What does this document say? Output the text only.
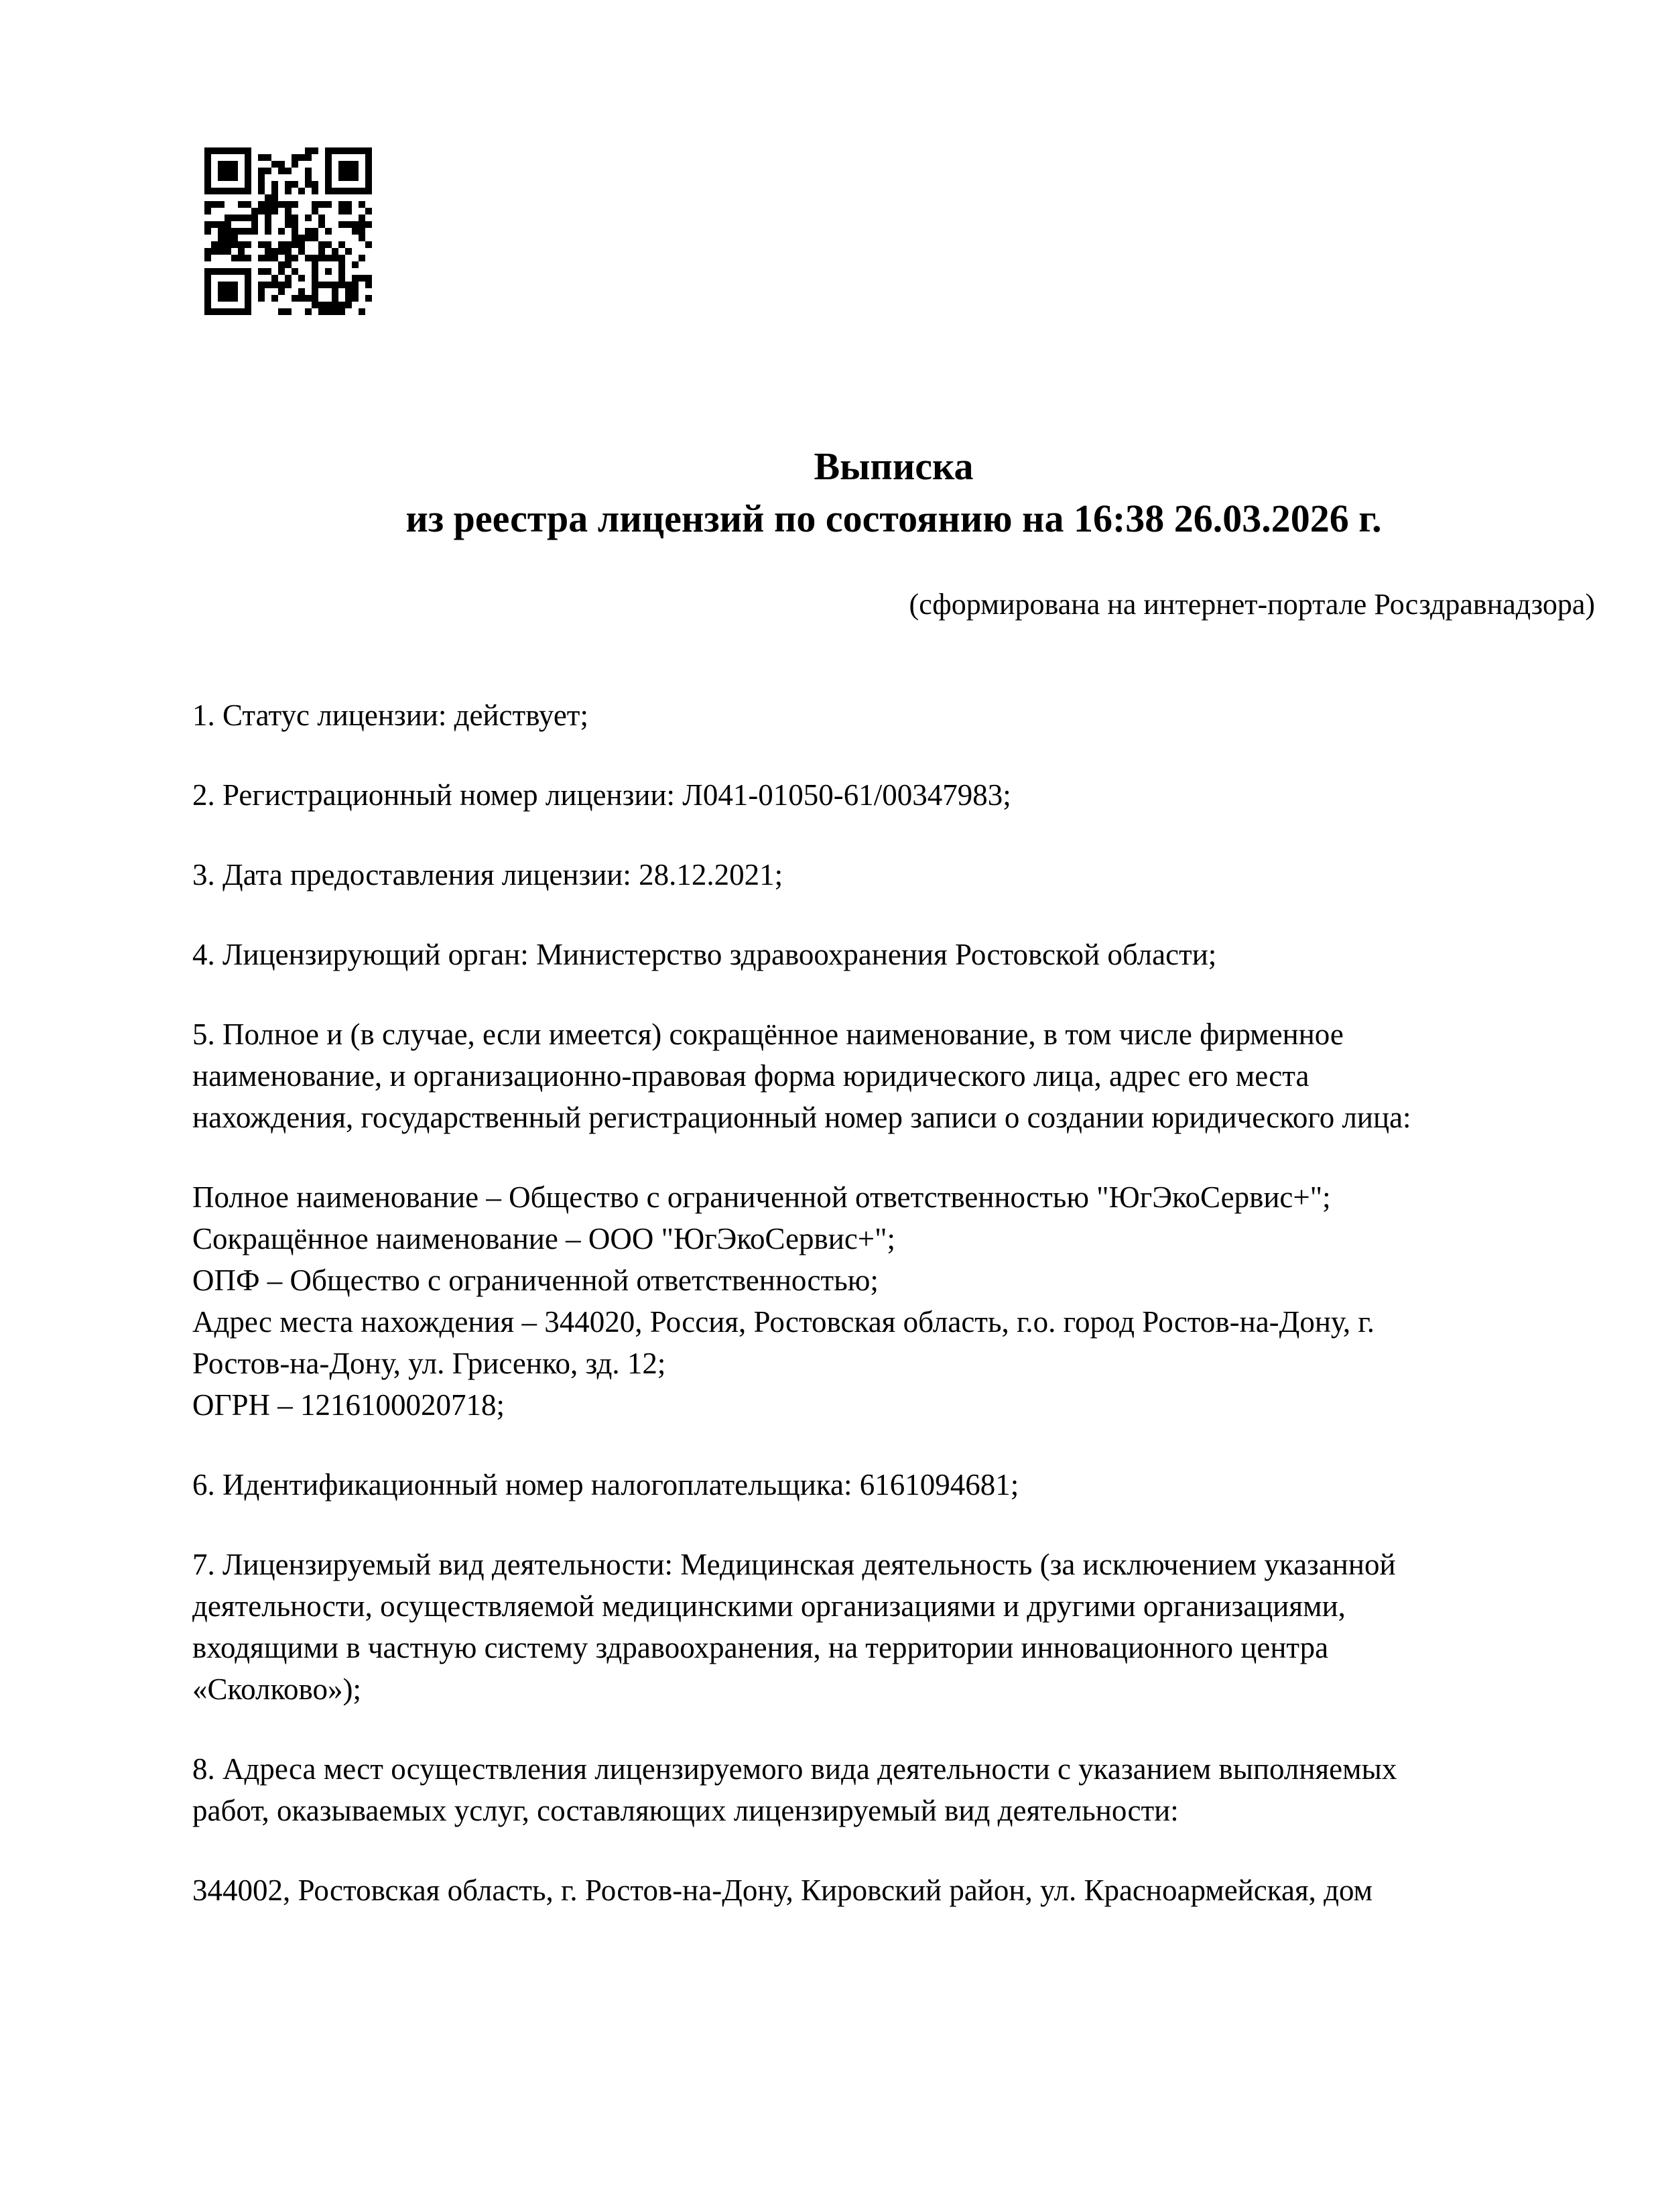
Выписка
из реестра лицензий по состоянию на 16:38 26.03.2026 г.
(сформирована на интернет-портале Росздравнадзора)
1. Статус лицензии: действует;
2. Регистрационный номер лицензии: Л041-01050-61/00347983;
3. Дата предоставления лицензии: 28.12.2021;
4. Лицензирующий орган: Министерство здравоохранения Ростовской области;
5. Полное и (в случае, если имеется) сокращённое наименование, в том числе фирменное
наименование, и организационно-правовая форма юридического лица, адрес его места
нахождения, государственный регистрационный номер записи о создании юридического лица:
Полное наименование – Общество с ограниченной ответственностью "ЮгЭкоСервис+";
Сокращённое наименование – ООО "ЮгЭкоСервис+";
ОПФ – Общество с ограниченной ответственностью;
Адрес места нахождения – 344020, Россия, Ростовская область, г.о. город Ростов-на-Дону, г.
Ростов-на-Дону, ул. Грисенко, зд. 12;
ОГРН – 1216100020718;
6. Идентификационный номер налогоплательщика: 6161094681;
7. Лицензируемый вид деятельности: Медицинская деятельность (за исключением указанной
деятельности, осуществляемой медицинскими организациями и другими организациями,
входящими в частную систему здравоохранения, на территории инновационного центра
«Сколково»);
8. Адреса мест осуществления лицензируемого вида деятельности с указанием выполняемых
работ, оказываемых услуг, составляющих лицензируемый вид деятельности:
344002, Ростовская область, г. Ростов-на-Дону, Кировский район, ул. Красноармейская, дом
